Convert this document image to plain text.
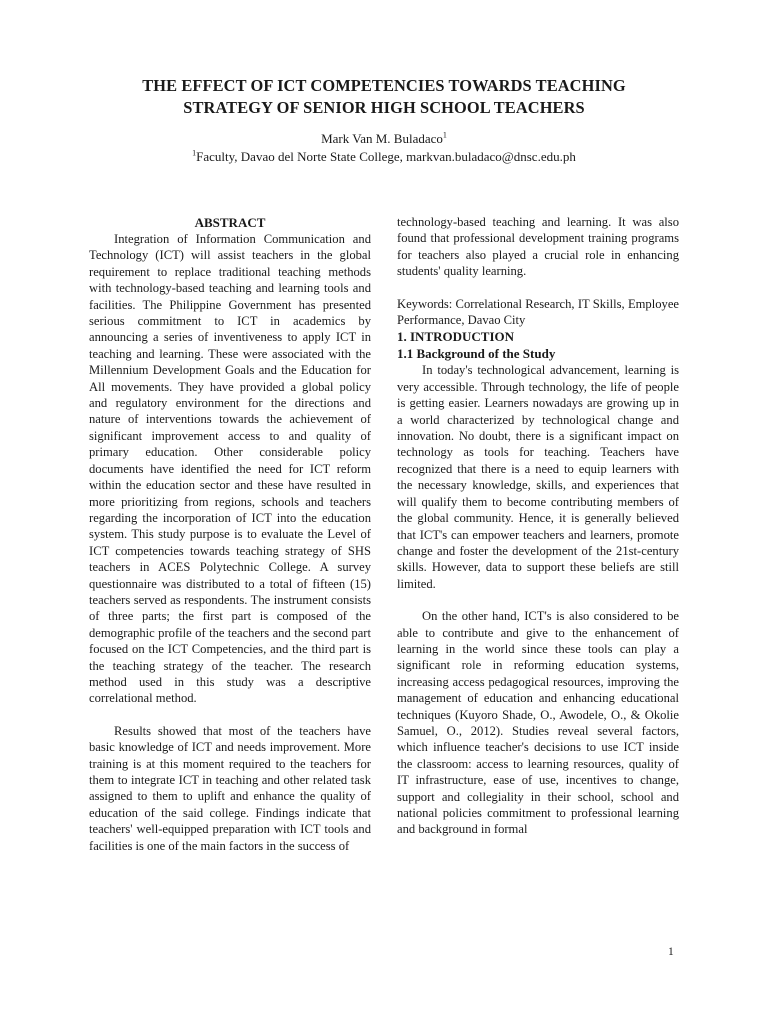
THE EFFECT OF ICT COMPETENCIES TOWARDS TEACHING
STRATEGY OF SENIOR HIGH SCHOOL TEACHERS
Mark Van M. Buladaco$^1$
$^1$Faculty, Davao del Norte State College, markvan.buladaco@dnsc.edu.ph

ABSTRACT

Integration of Information Communication and Technology (ICT) will assist teachers in the global requirement to replace traditional teaching methods with technology-based teaching and learning tools and facilities. The Philippine Government has presented serious commitment to ICT in academics by announcing a series of inventiveness to apply ICT in teaching and learning. These were associated with the Millennium Development Goals and the Education for All movements. They have provided a global policy and regulatory environment for the directions and nature of interventions towards the achievement of significant improvement access to and quality of primary education. Other considerable policy documents have identified the need for ICT reform within the education sector and these have resulted in more prioritizing from regions, schools and teachers regarding the incorporation of ICT into the education system. This study purpose is to evaluate the Level of ICT competencies towards teaching strategy of SHS teachers in ACES Polytechnic College. A survey questionnaire was distributed to a total of fifteen (15) teachers served as respondents. The instrument consists of three parts; the first part is composed of the demographic profile of the teachers and the second part focused on the ICT Competencies, and the third part is the teaching strategy of the teacher. The research method used in this study was a descriptive correlational method.

Results showed that most of the teachers have basic knowledge of ICT and needs improvement. More training is at this moment required to the teachers for them to integrate ICT in teaching and other related task assigned to them to uplift and enhance the quality of education of the said college. Findings indicate that teachers' well-equipped preparation with ICT tools and facilities is one of the main factors in the success of

technology-based teaching and learning. It was also found that professional development training programs for teachers also played a crucial role in enhancing students' quality learning.

Keywords: Correlational Research, IT Skills, Employee Performance, Davao City

1. INTRODUCTION

1.1 Background of the Study

In today's technological advancement, learning is very accessible. Through technology, the life of people is getting easier. Learners nowadays are growing up in a world characterized by technological change and innovation. No doubt, there is a significant impact on technology as tools for teaching. Teachers have recognized that there is a need to equip learners with the necessary knowledge, skills, and experiences that will qualify them to become contributing members of the global community. Hence, it is generally believed that ICT's can empower teachers and learners, promote change and foster the development of the 21st-century skills. However, data to support these beliefs are still limited.

On the other hand, ICT's is also considered to be able to contribute and give to the enhancement of learning in the world since these tools can play a significant role in reforming education systems, increasing access pedagogical resources, improving the management of education and enhancing educational techniques (Kuyoro Shade, O., Awodele, O., & Okolie Samuel, O., 2012). Studies reveal several factors, which influence teacher's decisions to use ICT inside the classroom: access to learning resources, quality of IT infrastructure, ease of use, incentives to change, support and collegiality in their school, school and national policies commitment to professional learning and background in formal

1
